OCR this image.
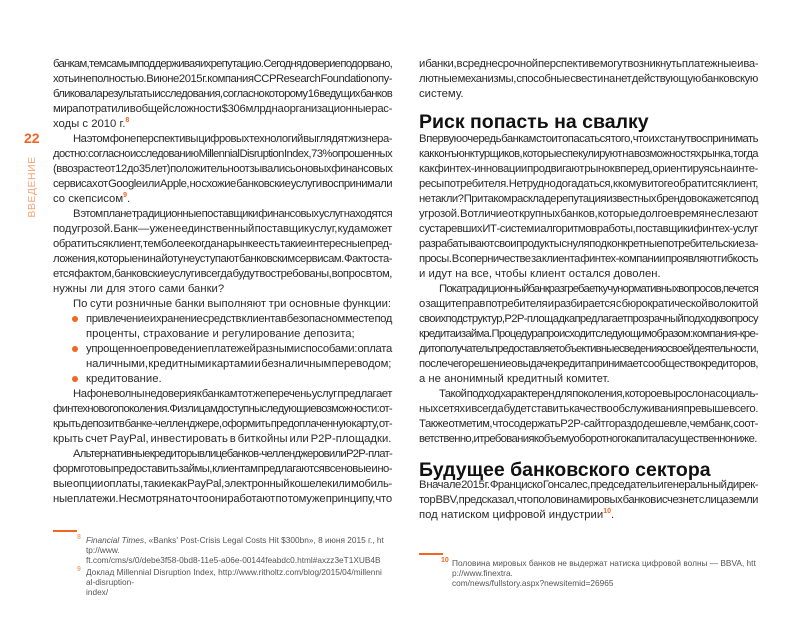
22
ВВЕДЕНИЕ
банкам, тем самым поддерживая их репутацию. Сегодня доверие подорвано,
хоть и не полностью. В июне 2015 г. компания CCP Research Foundation опу-
бликовала результаты исследования, согласно которому 16 ведущих банков
мира потратили в общей сложности $306 млрд на организационные рас-
ходы с 2010 г.$^8$
На этом фоне перспективы цифровых технологий выглядят жизнера-
достно: согласно исследованию Millennial Disruption Index, 73% опрошенных
(в возрасте от 12 до 35 лет) положительно отзывались о новых финансовых
сервисах от Google или Apple, но схожие банковские услуги воспринимали
со скепсисом$^9$.
В этом плане традиционные поставщики финансовых услуг находятся
под угрозой. Банк — уже не единственный поставщик услуг, куда может
обратиться клиент, тем более когда на рынке есть такие интересные пред-
ложения, которые ни на йоту не уступают банковским сервисам. Факт оста-
ется фактом, банковские услуги всегда будут востребованы, вопрос в том,
нужны ли для этого сами банки?
По сути розничные банки выполняют три основные функции:
привлечение и хранение средств клиента в безопасном месте под
проценты, страхование и регулирование депозита;
упрощенное проведение платежей разными способами: оплата
наличными, кредитными картами и безналичным переводом;
кредитование.
На фоне волны недоверия к банкам тот же перечень услуг предлагает
финтех нового поколения. Физлицам доступны следующие возможности: от-
крыть депозит в банке-челленджере, оформить предоплаченную карту, от-
крыть счет PayPal, инвестировать в биткойны или P2P-площадки.
Альтернативные кредиторы в лице банков-челленджеров или P2P-плат-
форм готовы предоставить займы, клиентам предлагаются все новые и но-
вые опции оплаты, такие как PayPal, электронный кошелек или мобиль-
ные платежи. Несмотря на то что они работают по тому же принципу, что
и банки, в среднесрочной перспективе могут возникнуть платежные и ва-
лютные механизмы, способные свести на нет действующую банковскую
систему.
Риск попасть на свалку
В первую очередь банкам стоит опасаться того, что их станут воспринимать
как конъюнктурщиков, которые спекулируют на возможностях рынка, тогда
как финтех-инновации продвигают рынок вперед, ориентируясь на инте-
ресы потребителя. Нетрудно догадаться, к кому в итоге обратится клиент,
не так ли? При таком раскладе репутация известных брендов окажется под
угрозой. В отличие от крупных банков, которые долгое время не слезают
с устаревших ИТ-систем и алгоритмов работы, поставщики финтех-услуг
разрабатывают свои продукты с нуля под конкретные потребительские за-
просы. В соперничестве за клиента финтех-компании проявляют гибкость
и идут на все, чтобы клиент остался доволен.
Пока традиционный банк разгребает кучу нормативных вопросов, печется
о защите прав потребителя и разбирается с бюрократической волокитой
своих подструктур, P2P-площадка предлагает прозрачный подход к вопросу
кредита и займа. Процедура происходит следующим образом: компания-кре-
дитополучатель предоставляет объективные сведения о своей деятельности,
после чего решение о выдаче кредита принимает сообщество кредиторов,
а не анонимный кредитный комитет.
Такой подход характерен для поколения, которое выросло на социаль-
ных сетях и всегда будет ставить качество обслуживания превыше всего.
Также отметим, что содержать P2P-сайт гораздо дешевле, чем банк, соот-
ветственно, и требования к объему оборотного капитала существенно ниже.
Будущее банковского сектора
В начале 2015 г. Франциско Гонсалес, председатель и генеральный дирек-
тор BBV, предсказал, что половина мировых банков исчезнет с лица земли
под натиском цифровой индустрии$^{10}$.
8 Financial Times, «Banks' Post-Crisis Legal Costs Hit $300bn», 8 июня 2015 г., http://www.
ft.com/cms/s/0/debe3f58-0bd8-11e5-a06e-00144feabdc0.html#axzz3eT1XUB4B
9 Доклад Millennial Disruption Index, http://www.ritholtz.com/blog/2015/04/millennial-disruption-
index/
10 Половина мировых банков не выдержат натиска цифровой волны — BBVA, http://www.finextra.
com/news/fullstory.aspx?newsitemid=26965
